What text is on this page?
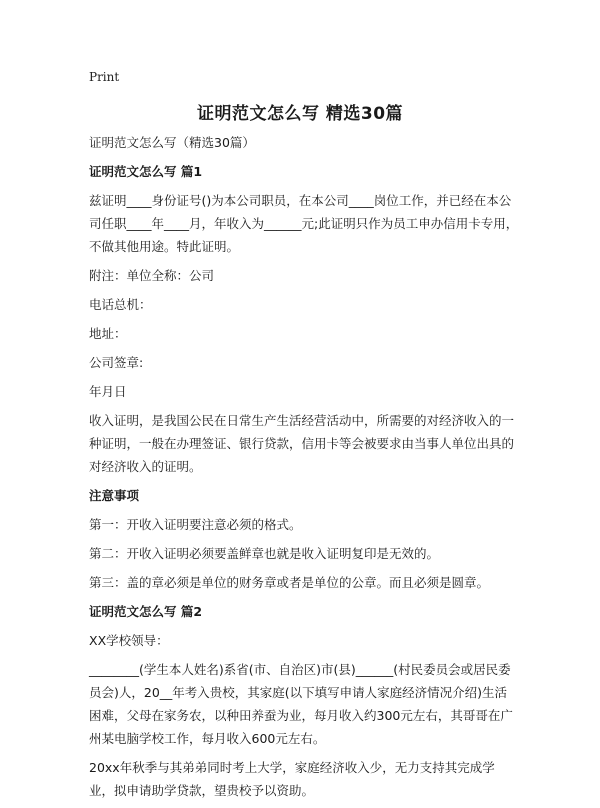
Print
证明范文怎么写 精选30篇

证明范文怎么写（精选30篇）

证明范文怎么写 篇1

兹证明____身份证号()为本公司职员，在本公司____岗位工作，并已经在本公司任职____年____月，年收入为______元;此证明只作为员工申办信用卡专用，不做其他用途。特此证明。

附注：单位全称：公司

电话总机：

地址：

公司签章:

年月日

收入证明，是我国公民在日常生产生活经营活动中，所需要的对经济收入的一种证明，一般在办理签证、银行贷款，信用卡等会被要求由当事人单位出具的对经济收入的证明。

注意事项

第一：开收入证明要注意必须的格式。

第二：开收入证明必须要盖鲜章也就是收入证明复印是无效的。

第三：盖的章必须是单位的财务章或者是单位的公章。而且必须是圆章。

证明范文怎么写 篇2

XX学校领导：

________(学生本人姓名)系省(市、自治区)市(县)______(村民委员会或居民委员会)人，20__年考入贵校，其家庭(以下填写申请人家庭经济情况介绍)生活困难，父母在家务农，以种田养蚕为业，每月收入约300元左右，其哥哥在广州某电脑学校工作，每月收入600元左右。

20xx年秋季与其弟弟同时考上大学，家庭经济收入少，无力支持其完成学业，拟申请助学贷款，望贵校予以资助。
